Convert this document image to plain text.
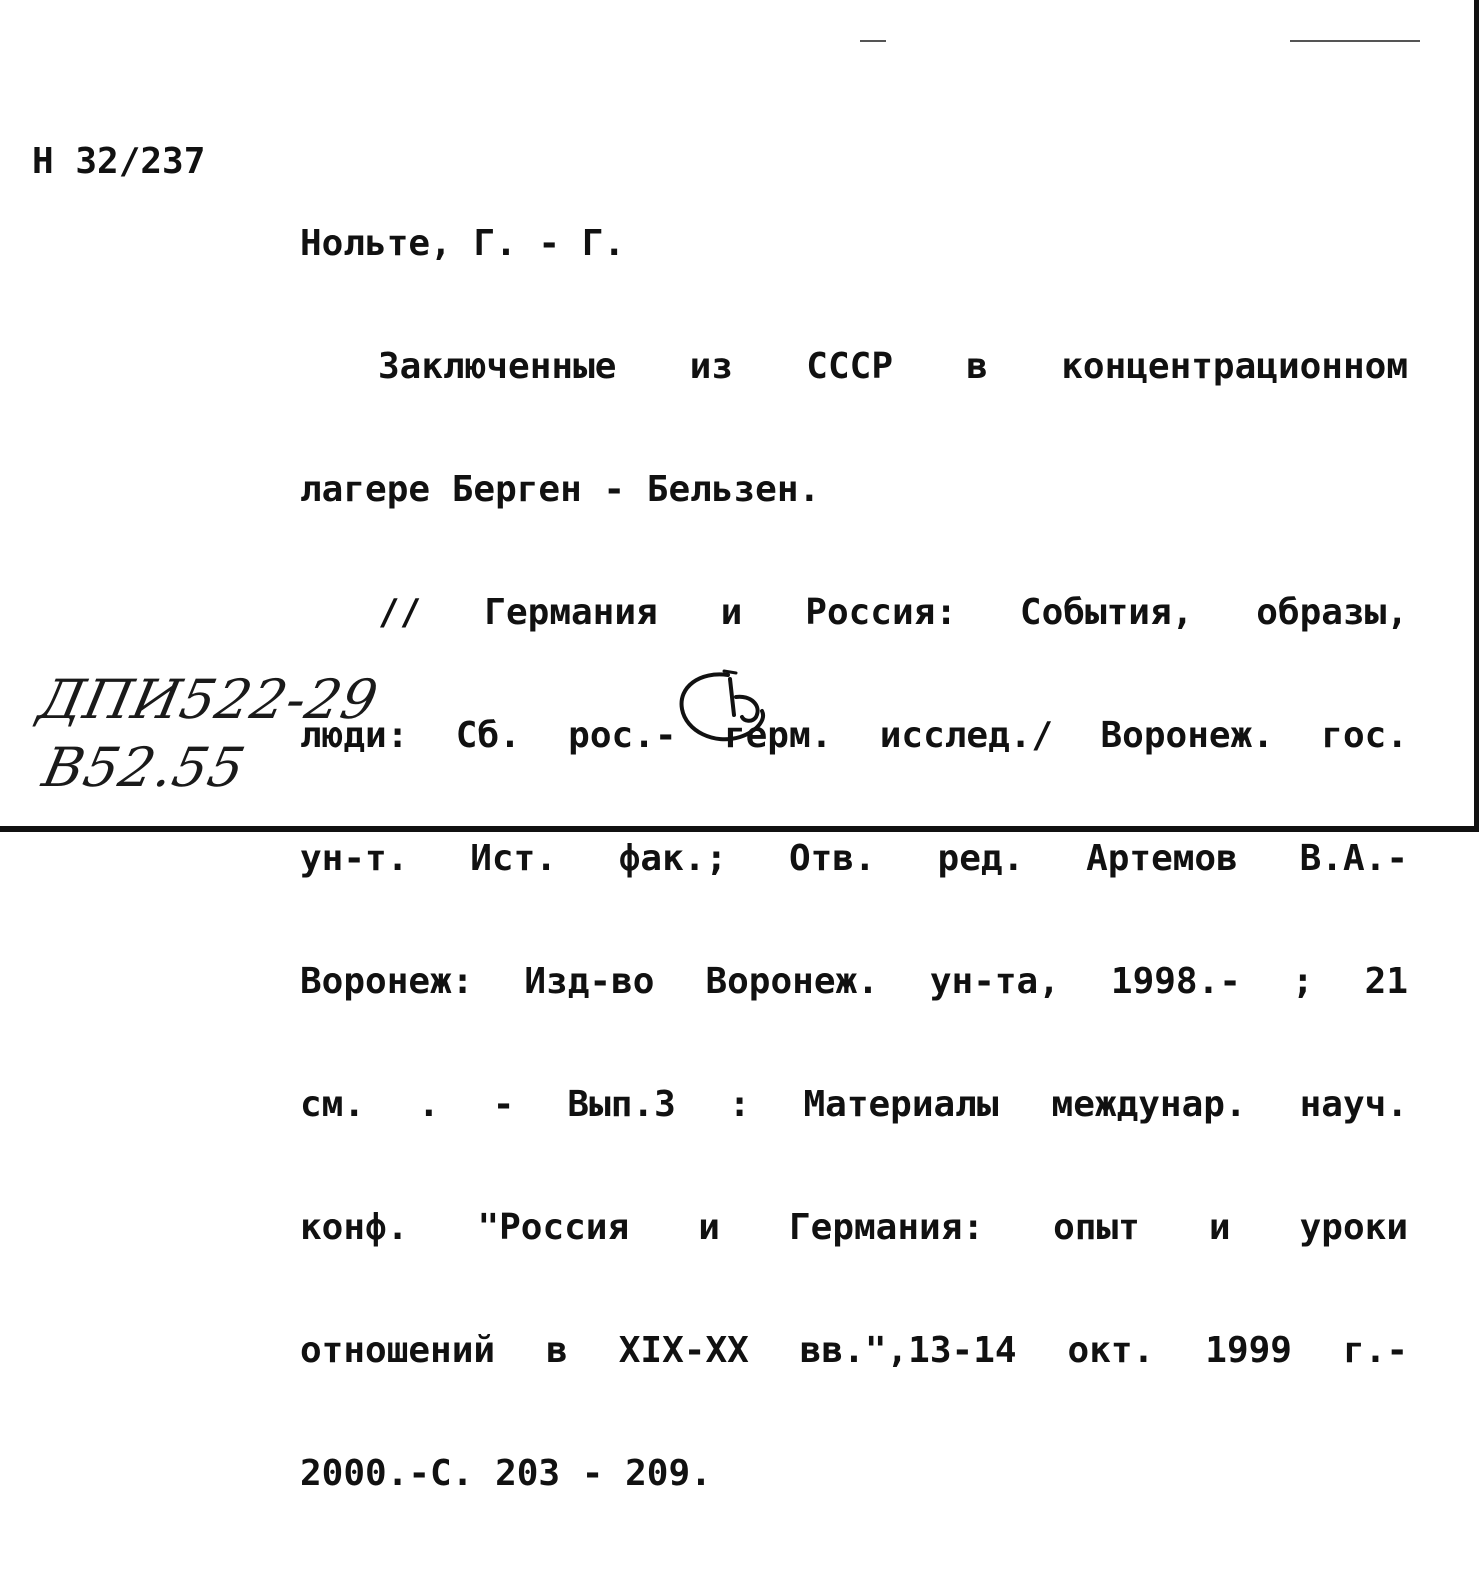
Н 32/237

Нольте, Г. - Г.

Заключенные из СССР в концентрационном

лагере Берген - Бельзен.

// Германия и Россия: События, образы,

люди: Сб. рос.- герм. исслед./ Воронеж. гос.

ун-т. Ист. фак.; Отв. ред. Артемов В.А.-

Воронеж: Изд-во Воронеж. ун-та, 1998.- ; 21

см. . - Вып.3 : Материалы междунар. науч.

конф. "Россия и Германия: опыт и уроки

отношений в XIX-XX вв.",13-14 окт. 1999 г.-

2000.-С. 203 - 209.

ДПИ522-29
В52.55
